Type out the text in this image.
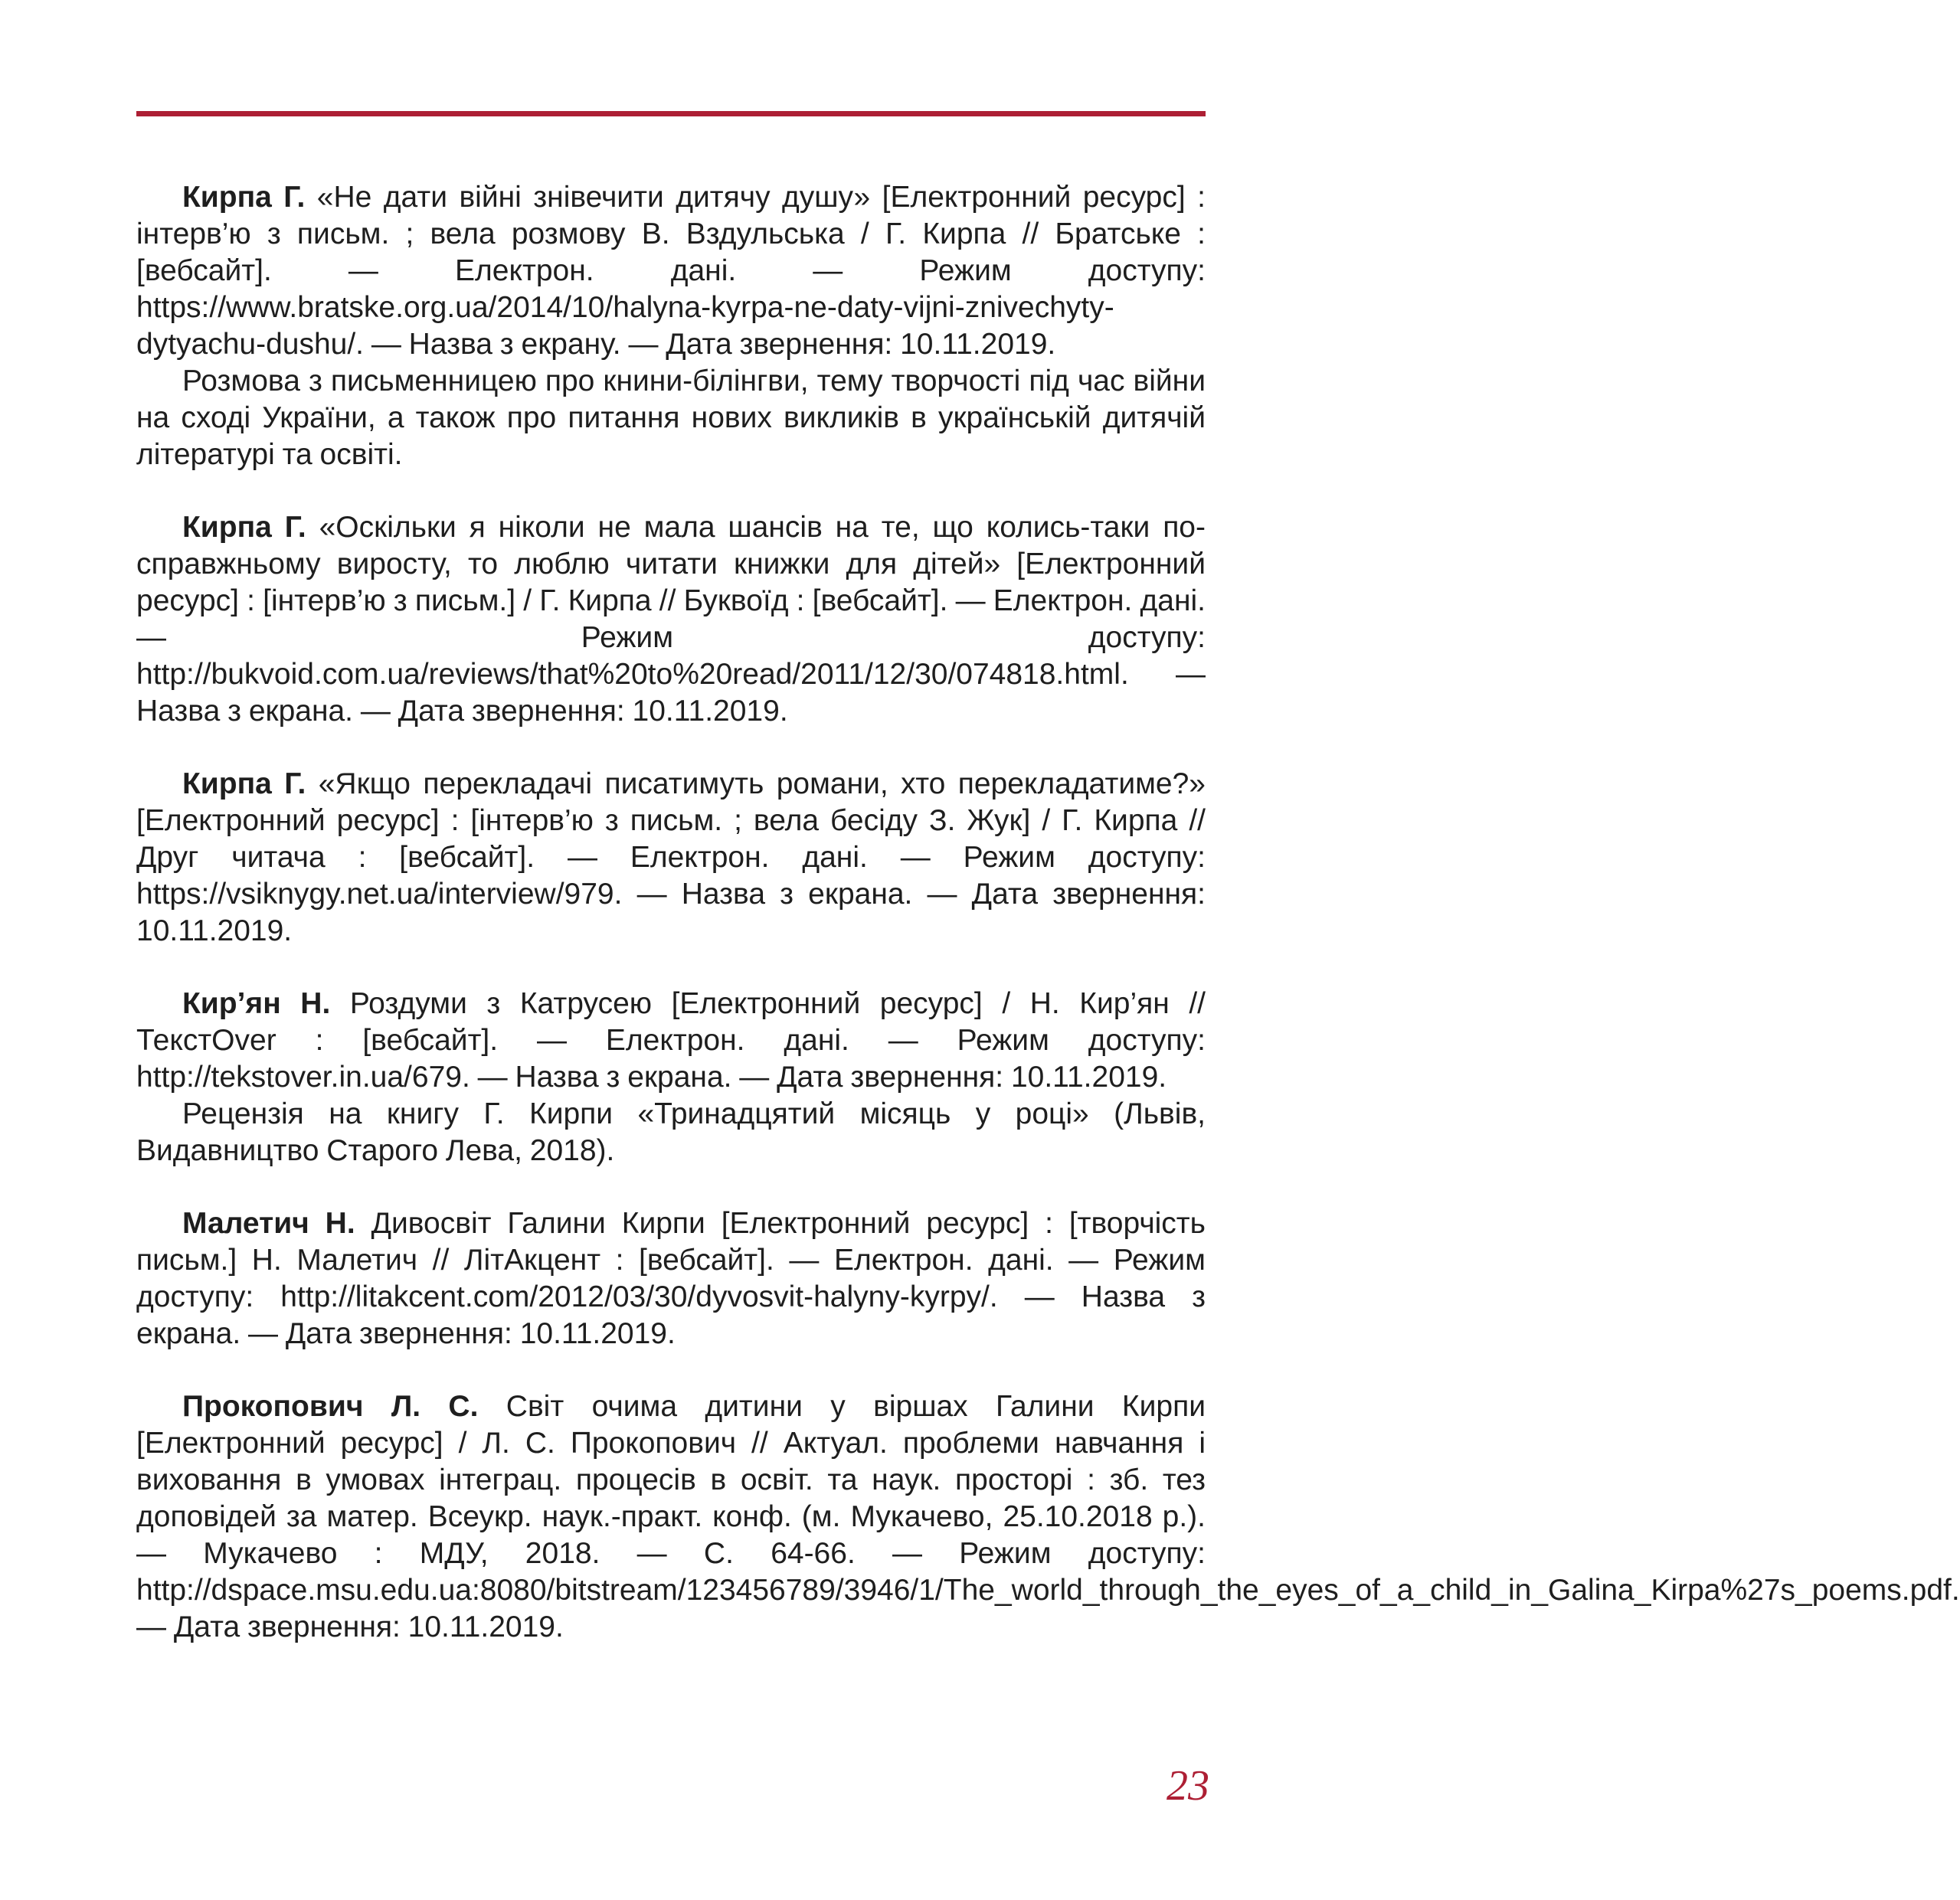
Кирпа Г. «Не дати війні знівечити дитячу душу» [Електронний ресурс] : інтерв’ю з письм. ; вела розмову В. Вздульська / Г. Кирпа // Братське : [вебсайт]. — Електрон. дані. — Режим доступу: https://www.bratske.org.ua/2014/10/halyna-kyrpa-ne-daty-vijni-znivechyty-dytyachu-dushu/. — Назва з екрану. — Дата звернення: 10.11.2019.

Розмова з письменницею про книни-білінгви, тему творчості під час війни на сході України, а також про питання нових викликів в українській дитячій літературі та освіті.

Кирпа Г. «Оскільки я ніколи не мала шансів на те, що колись-таки по-справжньому виросту, то люблю читати книжки для дітей» [Електронний ресурс] : [інтерв’ю з письм.] / Г. Кирпа // Буквоїд : [вебсайт]. — Електрон. дані. — Режим доступу: http://bukvoid.com.ua/reviews/that%20to%20read/2011/12/30/074818.html. — Назва з екрана. — Дата звернення: 10.11.2019.

Кирпа Г. «Якщо перекладачі писатимуть романи, хто перекладатиме?» [Електронний ресурс] : [інтерв’ю з письм. ; вела бесіду З. Жук] / Г. Кирпа // Друг читача : [вебсайт]. — Електрон. дані. — Режим доступу: https://vsiknygy.net.ua/interview/979. — Назва з екрана. — Дата звернення: 10.11.2019.

Кир’ян Н. Роздуми з Катрусею [Електронний ресурс] / Н. Кир’ян // ТекстOver : [вебсайт]. — Електрон. дані. — Режим доступу: http://tekstover.in.ua/679. — Назва з екрана. — Дата звернення: 10.11.2019.

Рецензія на книгу Г. Кирпи «Тринадцятий місяць у році» (Львів, Видавництво Старого Лева, 2018).

Малетич Н. Дивосвіт Галини Кирпи [Електронний ресурс] : [творчість письм.] Н. Малетич // ЛітАкцент : [вебсайт]. — Електрон. дані. — Режим доступу: http://litakcent.com/2012/03/30/dyvosvit-halyny-kyrpy/. — Назва з екрана. — Дата звернення: 10.11.2019.

Прокопович Л. С. Світ очима дитини у віршах Галини Кирпи [Електронний ресурс] / Л. С. Прокопович // Актуал. проблеми навчання і виховання в умовах інтеграц. процесів в освіт. та наук. просторі : зб. тез доповідей за матер. Всеукр. наук.-практ. конф. (м. Мукачево, 25.10.2018 р.). — Мукачево : МДУ, 2018. — С. 64-66. — Режим доступу: http://dspace.msu.edu.ua:8080/bitstream/123456789/3946/1/The_world_through_the_eyes_of_a_child_in_Galina_Kirpa%27s_poems.pdf. — Дата звернення: 10.11.2019.

23
